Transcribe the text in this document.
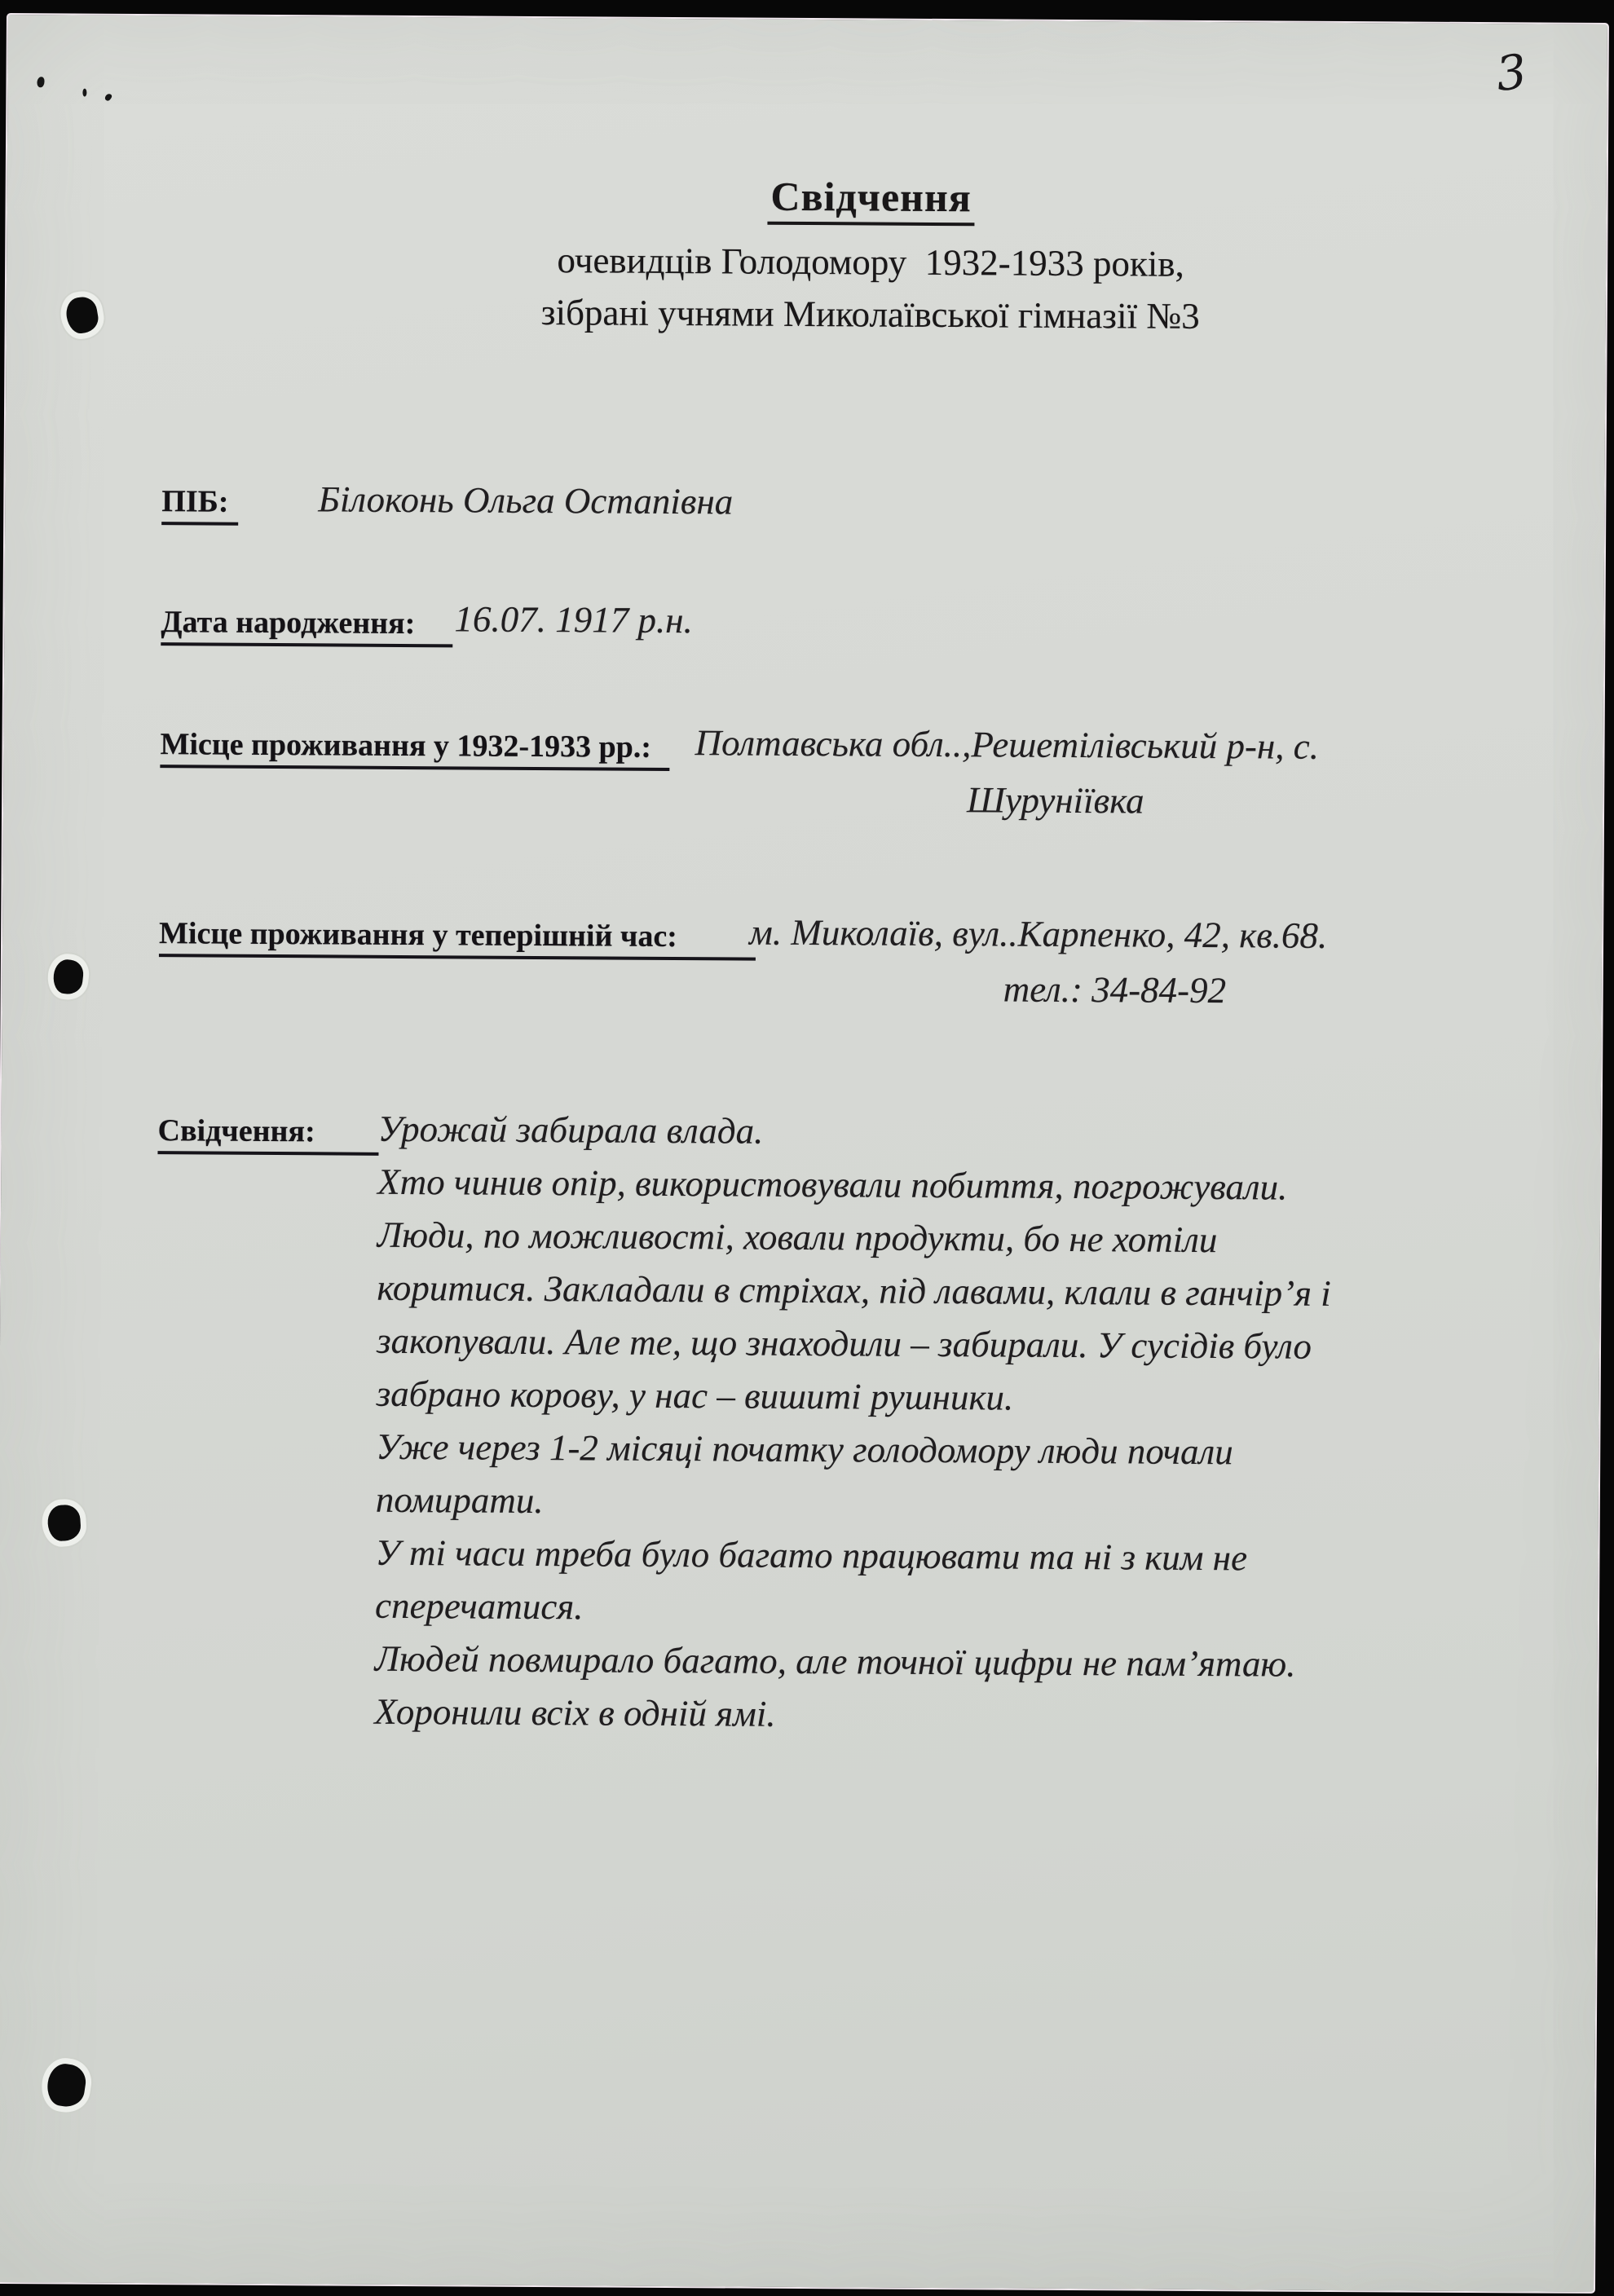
3
Свідчення
очевидців Голодомору  1932-1933 років,
зібрані учнями Миколаївської гімназії №3
ПІБ: Білоконь Ольга Остапівна
Дата народження:	16.07. 1917 р.н.
Місце проживання у 1932-1933 рр.:	Полтавська обл..,Решетілівський р-н, с.
Шуруніївка
Місце проживання у теперішній час:	м. Миколаїв, вул..Карпенко, 42, кв.68.
тел.: 34-84-92
Свідчення:	Урожай забирала влада.
Хто чинив опір, використовували побиття, погрожували.
Люди, по можливості, ховали продукти, бо не хотіли
коритися. Закладали в стріхах, під лавами, клали в ганчір’я і
закопували. Але те, що знаходили – забирали. У сусідів було
забрано корову, у нас – вишиті рушники.
Уже через 1-2 місяці початку голодомору люди почали
помирати.
У ті часи треба було багато працювати та ні з ким не
сперечатися.
Людей повмирало багато, але точної цифри не пам’ятаю.
Хоронили всіх в одній ямі.
